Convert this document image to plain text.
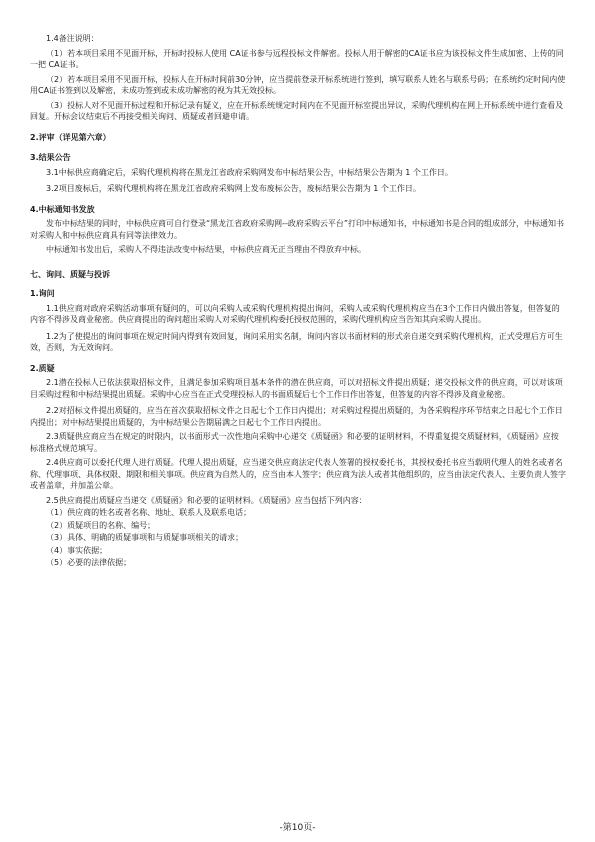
1.4备注说明：

（1）若本项目采用不见面开标，开标时投标人使用 CA证书参与远程投标文件解密。投标人用于解密的CA证书应为该投标文件生成加密、上传的同一把 CA证书。

（2）若本项目采用不见面开标，投标人在开标时间前30分钟，应当提前登录开标系统进行签到，填写联系人姓名与联系号码；在系统约定时间内使用CA证书签到以及解密，未成功签到或未成功解密的视为其无效投标。

（3）投标人对不见面开标过程和开标记录有疑义，应在开标系统规定时间内在不见面开标室提出异议，采购代理机构在网上开标系统中进行查看及回复。开标会议结束后不再接受相关询问、质疑或者回避申请。

2.评审（详见第六章）

3.结果公告

3.1中标供应商确定后，采购代理机构将在黑龙江省政府采购网发布中标结果公告，中标结果公告期为 1 个工作日。

3.2项目废标后，采购代理机构将在黑龙江省政府采购网上发布废标公告，废标结果公告期为 1 个工作日。

4.中标通知书发放

发布中标结果的同时，中标供应商可自行登录“黑龙江省政府采购网--政府采购云平台”打印中标通知书，中标通知书是合同的组成部分，中标通知书对采购人和中标供应商具有同等法律效力。

中标通知书发出后，采购人不得违法改变中标结果，中标供应商无正当理由不得放弃中标。

七、询问、质疑与投诉

1.询问

1.1供应商对政府采购活动事项有疑问的，可以向采购人或采购代理机构提出询问，采购人或采购代理机构应当在3个工作日内做出答复，但答复的内容不得涉及商业秘密。供应商提出的询问超出采购人对采购代理机构委托授权范围的，采购代理机构应当告知其向采购人提出。

1.2为了使提出的询问事项在规定时间内得到有效回复，询问采用实名制，询问内容以书面材料的形式亲自递交到采购代理机构，正式受理后方可生效，否则，为无效询问。

2.质疑

2.1潜在投标人已依法获取招标文件，且满足参加采购项目基本条件的潜在供应商，可以对招标文件提出质疑；递交投标文件的供应商，可以对该项目采购过程和中标结果提出质疑。采购中心应当在正式受理投标人的书面质疑后七个工作日作出答复，但答复的内容不得涉及商业秘密。

2.2对招标文件提出质疑的，应当在首次获取招标文件之日起七个工作日内提出；对采购过程提出质疑的，为各采购程序环节结束之日起七个工作日内提出；对中标结果提出质疑的，为中标结果公告期届满之日起七个工作日内提出。

2.3质疑供应商应当在规定的时限内，以书面形式一次性地向采购中心递交《质疑函》和必要的证明材料，不得重复提交质疑材料，《质疑函》应按标准格式规范填写。

2.4供应商可以委托代理人进行质疑。代理人提出质疑，应当递交供应商法定代表人签署的授权委托书，其授权委托书应当载明代理人的姓名或者名称、代理事项、具体权限、期限和相关事项。供应商为自然人的，应当由本人签字；供应商为法人或者其他组织的，应当由法定代表人、主要负责人签字或者盖章，并加盖公章。

2.5供应商提出质疑应当递交《质疑函》和必要的证明材料。《质疑函》应当包括下列内容：

（1）供应商的姓名或者名称、地址、联系人及联系电话；

（2）质疑项目的名称、编号；

（3）具体、明确的质疑事项和与质疑事项相关的请求；

（4）事实依据；

（5）必要的法律依据；

-第10页-
